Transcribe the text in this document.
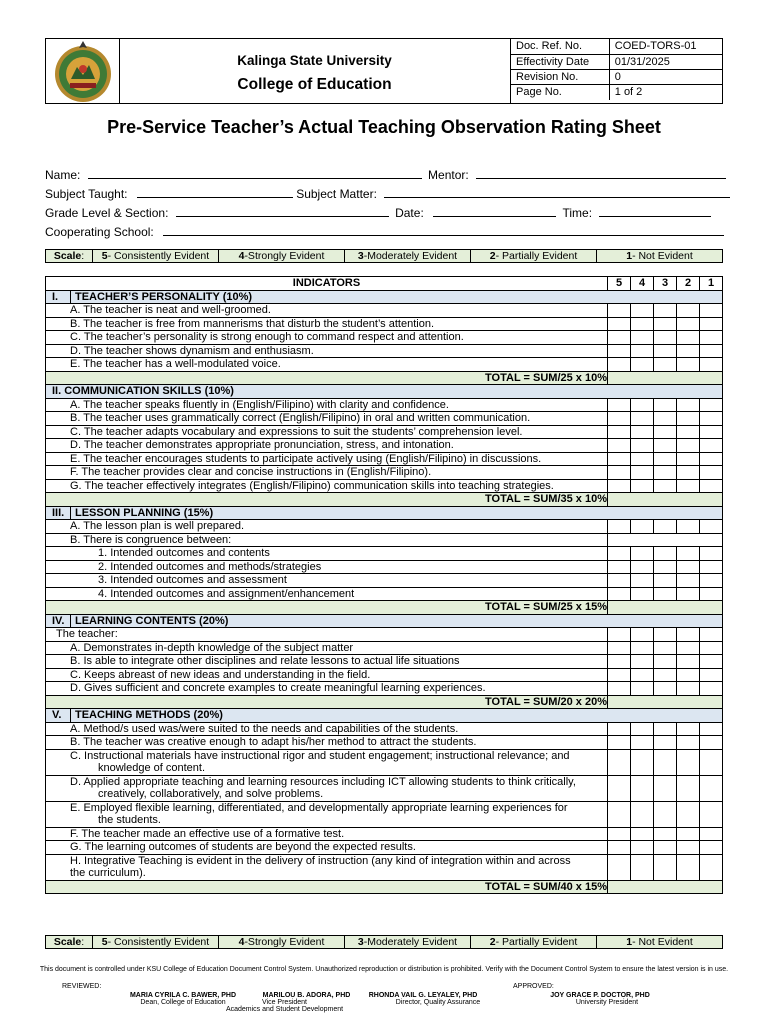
Kalinga State University
College of Education
Doc. Ref. No.	COED-TORS-01
Effectivity Date	01/31/2025
Revision No.	0
Page No.	1 of 2
Pre-Service Teacher’s Actual Teaching Observation Rating Sheet
Name:	Mentor:
Subject Taught:	Subject Matter:
Grade Level & Section:	Date:	Time:
Cooperating School:
Scale:	5- Consistently Evident	4-Strongly Evident	3-Moderately Evident	2- Partially Evident	1- Not Evident
INDICATORS	5	4	3	2	1
I. TEACHER’S PERSONALITY (10%)					
A. The teacher is neat and well-groomed.					
B. The teacher is free from mannerisms that disturb the student’s attention.					
C. The teacher’s personality is strong enough to command respect and attention.					
D. The teacher shows dynamism and enthusiasm.					
E. The teacher has a well-modulated voice.					
TOTAL = SUM/25 x 10%					
II. COMMUNICATION SKILLS (10%)					
A. The teacher speaks fluently in (English/Filipino) with clarity and confidence.					
B. The teacher uses grammatically correct (English/Filipino) in oral and written communication.					
C. The teacher adapts vocabulary and expressions to suit the students’ comprehension level.					
D. The teacher demonstrates appropriate pronunciation, stress, and intonation.					
E. The teacher encourages students to participate actively using (English/Filipino) in discussions.					
F. The teacher provides clear and concise instructions in (English/Filipino).					
G. The teacher effectively integrates (English/Filipino) communication skills into teaching strategies.					
TOTAL = SUM/35 x 10%					
III. LESSON PLANNING (15%)					
A. The lesson plan is well prepared.					
B. There is congruence between:					
1. Intended outcomes and contents					
2. Intended outcomes and methods/strategies					
3. Intended outcomes and assessment					
4. Intended outcomes and assignment/enhancement					
TOTAL = SUM/25 x 15%					
IV. LEARNING CONTENTS (20%)					
The teacher:					
A. Demonstrates in-depth knowledge of the subject matter					
B. Is able to integrate other disciplines and relate lessons to actual life situations					
C. Keeps abreast of new ideas and understanding in the field.					
D. Gives sufficient and concrete examples to create meaningful learning experiences.					
TOTAL = SUM/20 x 20%					
V. TEACHING METHODS (20%)					
A. Method/s used was/were suited to the needs and capabilities of the students.					
B. The teacher was creative enough to adapt his/her method to attract the students.					

C. Instructional materials have instructional rigor and student engagement; instructional relevance; and
knowledge of content.					

D. Applied appropriate teaching and learning resources including ICT allowing students to think critically,
creatively, collaboratively, and solve problems.					

E. Employed flexible learning, differentiated, and developmentally appropriate learning experiences for
the students.					

F. The teacher made an effective use of a formative test.					
G. The learning outcomes of students are beyond the expected results.					

H. Integrative Teaching is evident in the delivery of instruction (any kind of integration within and across
the curriculum).					

TOTAL = SUM/40 x 15%					
Scale:	5- Consistently Evident	4-Strongly Evident	3-Moderately Evident	2- Partially Evident	1- Not Evident
This document is controlled under KSU College of Education Document Control System. Unauthorized reproduction or distribution is prohibited. Verify with the Document Control System to ensure the latest version is in use.
REVIEWED:	APPROVED:
MARIA CYRILA C. BAWER, PHD
Dean, College of Education
MARILOU B. ADORA, PHD
Vice President
Academics and Student Development
RHONDA VAIL G. LEYALEY, PHD
Director, Quality Assurance
JOY GRACE P. DOCTOR, PHD
University President
